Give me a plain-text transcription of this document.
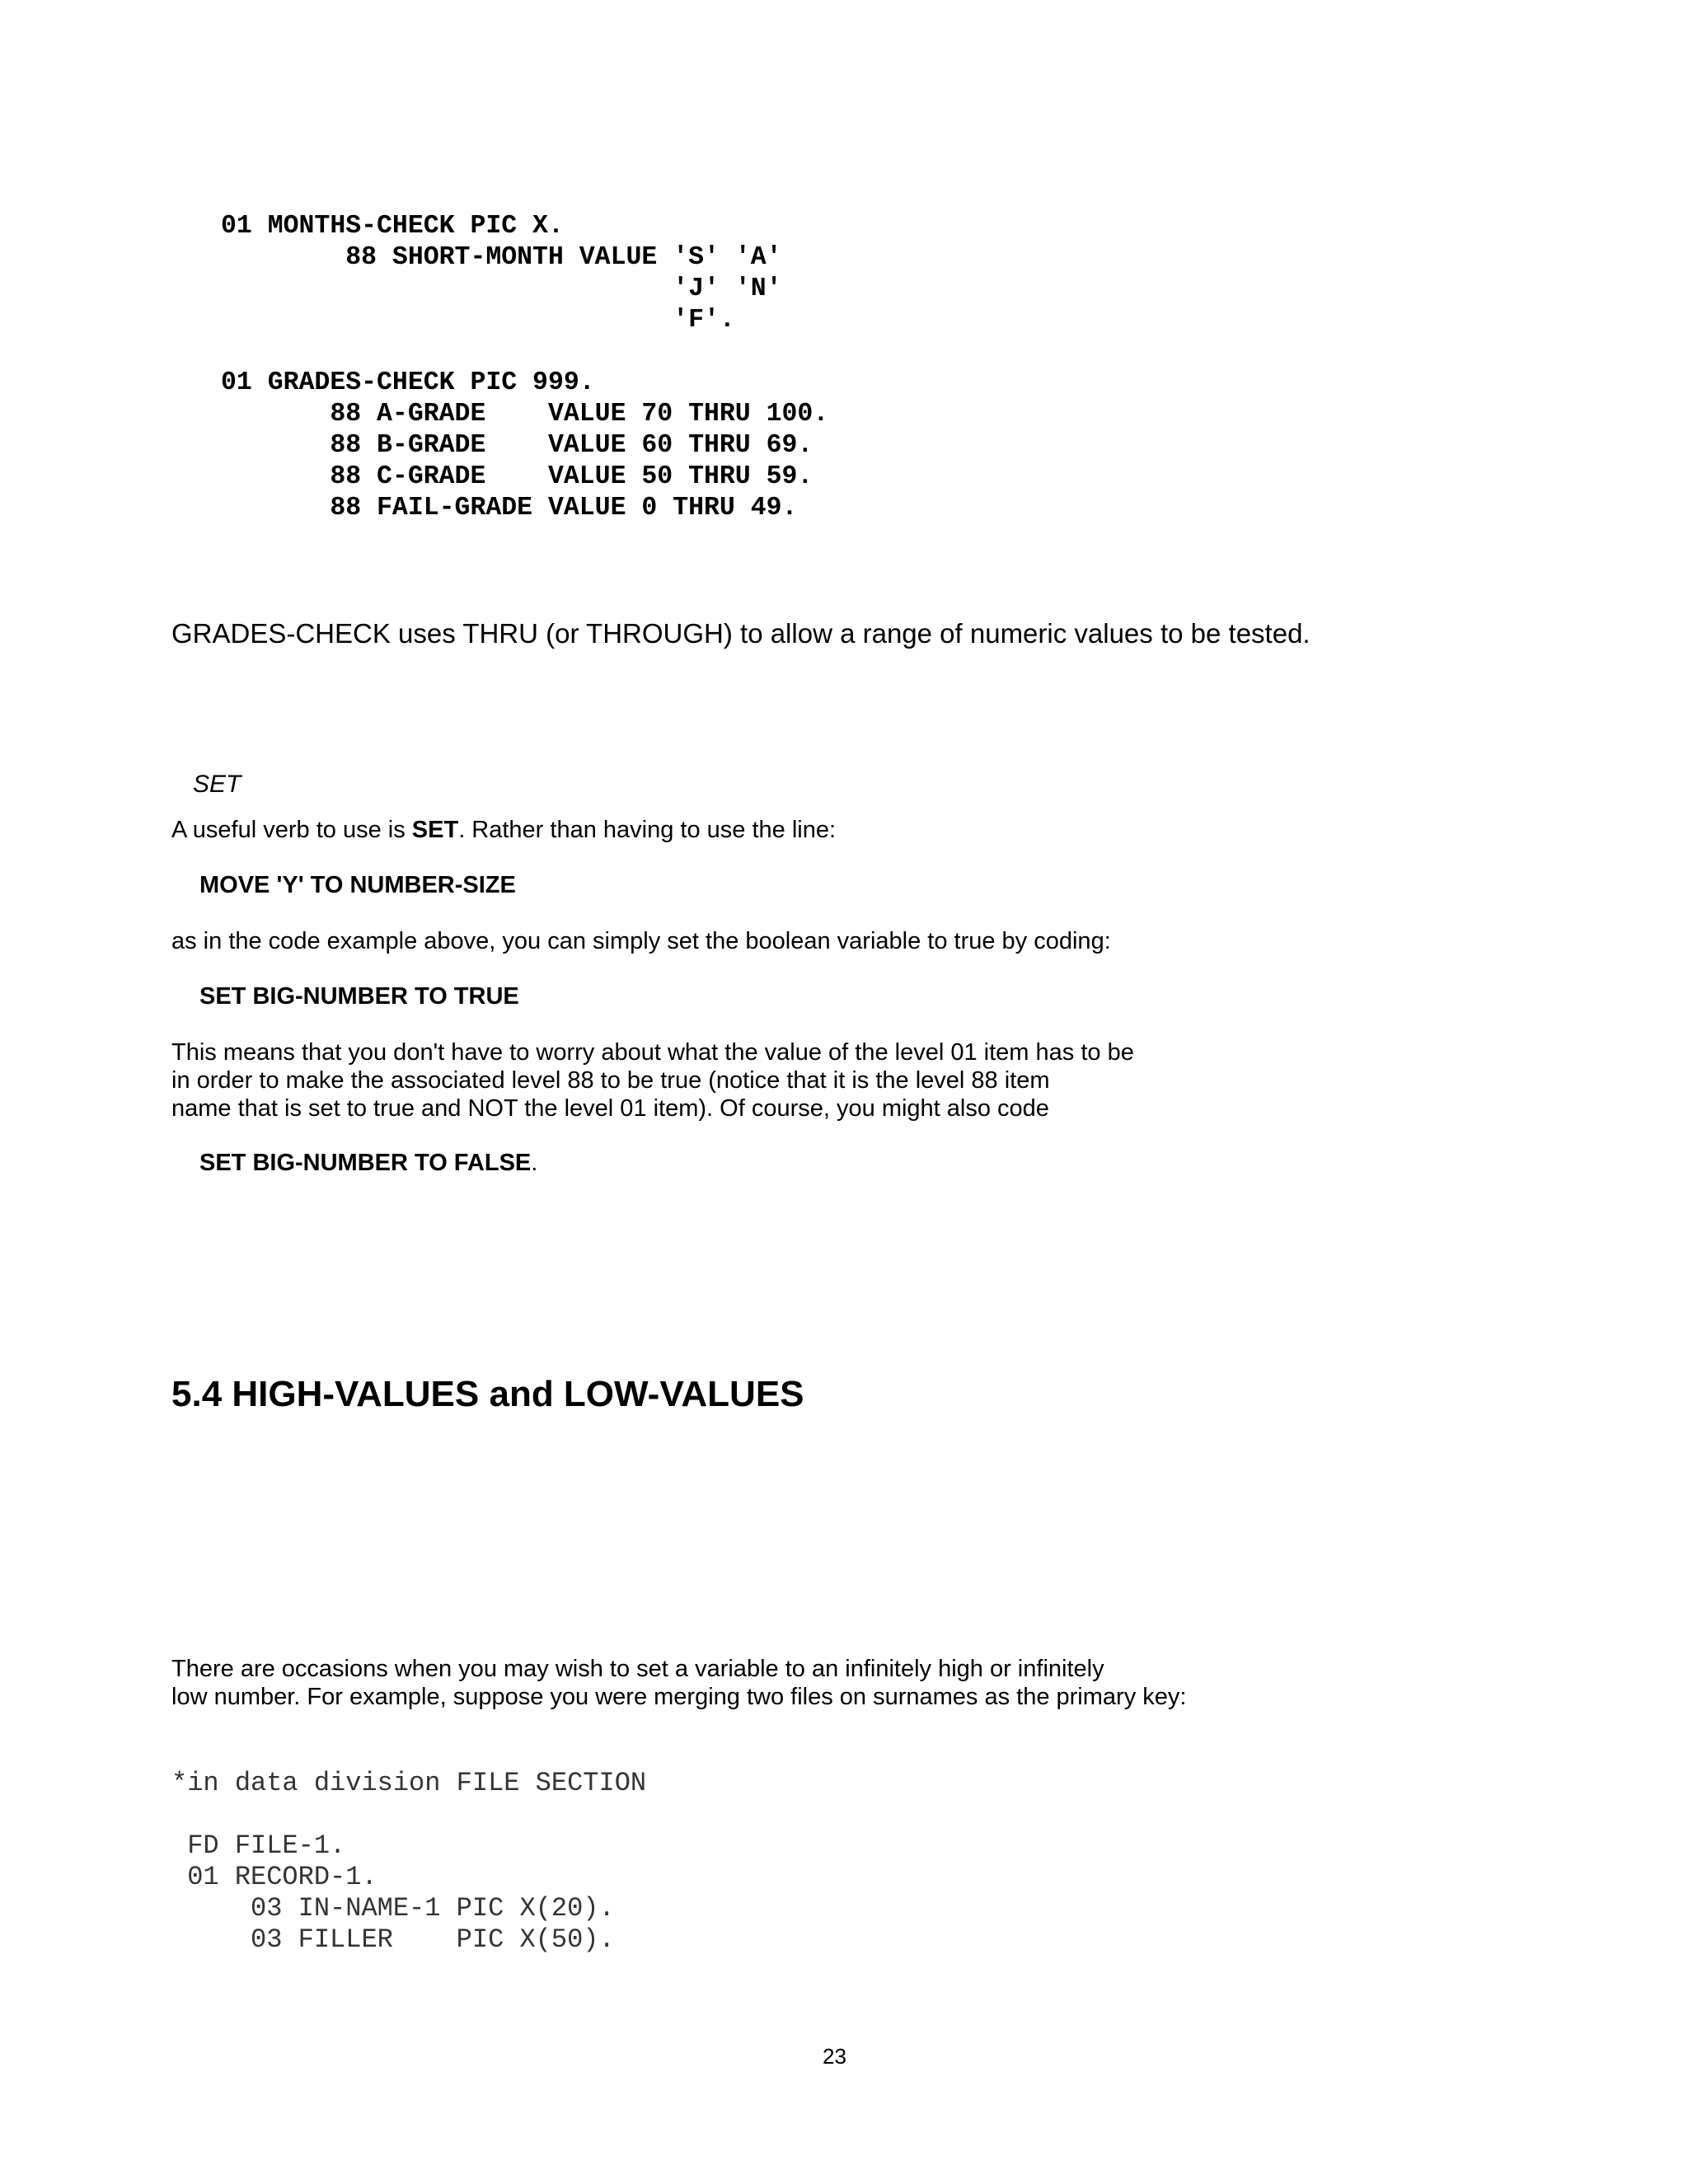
01 MONTHS-CHECK PIC X.
88 SHORT-MONTH VALUE 'S' 'A'
'J' 'N'
'F'.
01 GRADES-CHECK PIC 999.
88 A-GRADE    VALUE 70 THRU 100.
88 B-GRADE    VALUE 60 THRU 69.
88 C-GRADE    VALUE 50 THRU 59.
88 FAIL-GRADE VALUE 0 THRU 49.

GRADES-CHECK uses THRU (or THROUGH) to allow a range of numeric values to be tested.

SET

A useful verb to use is SET. Rather than having to use the line:

MOVE 'Y' TO NUMBER-SIZE

as in the code example above, you can simply set the boolean variable to true by coding:

SET BIG-NUMBER TO TRUE

This means that you don't have to worry about what the value of the level 01 item has to be
in order to make the associated level 88 to be true (notice that it is the level 88 item
name that is set to true and NOT the level 01 item). Of course, you might also code

SET BIG-NUMBER TO FALSE.

5.4 HIGH-VALUES and LOW-VALUES
There are occasions when you may wish to set a variable to an infinitely high or infinitely
low number. For example, suppose you were merging two files on surnames as the primary key:
*in data division FILE SECTION

FD FILE-1.
01 RECORD-1.
03 IN-NAME-1 PIC X(20).
03 FILLER    PIC X(50).

23
